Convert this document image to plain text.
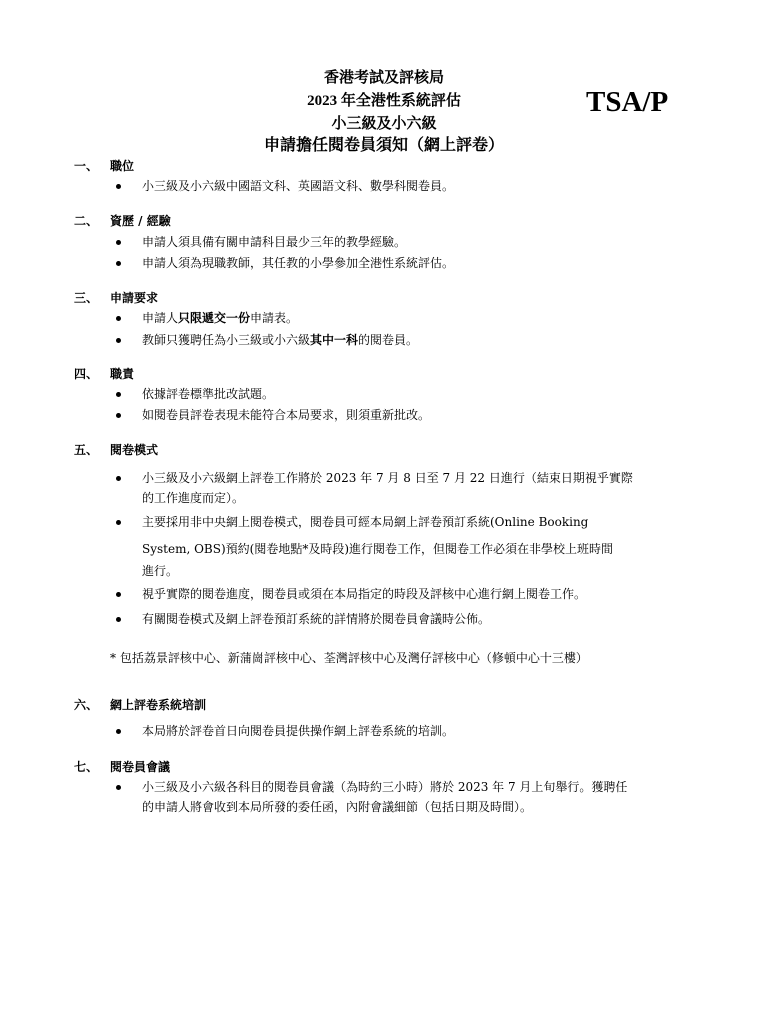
香港考試及評核局
2023 年全港性系統評估
小三級及小六級
申請擔任閱卷員須知（網上評卷）
TSA/P
一、 職位
小三級及小六級中國語文科、英國語文科、數學科閱卷員。
二、 資歷 / 經驗
申請人須具備有關申請科目最少三年的教學經驗。
申請人須為現職教師，其任教的小學參加全港性系統評估。
三、 申請要求
申請人只限遞交一份申請表。
教師只獲聘任為小三級或小六級其中一科的閱卷員。
四、 職責
依據評卷標準批改試題。
如閱卷員評卷表現未能符合本局要求，則須重新批改。
五、 閱卷模式
小三級及小六級網上評卷工作將於 2023 年 7 月 8 日至 7 月 22 日進行（結束日期視乎實際
的工作進度而定）。
主要採用非中央網上閱卷模式，閱卷員可經本局網上評卷預訂系統(Online Booking
System, OBS)預約(閱卷地點*及時段)進行閱卷工作，但閱卷工作必須在非學校上班時間
進行。
視乎實際的閱卷進度，閱卷員或須在本局指定的時段及評核中心進行網上閱卷工作。
有關閱卷模式及網上評卷預訂系統的詳情將於閱卷員會議時公佈。
* 包括荔景評核中心、新蒲崗評核中心、荃灣評核中心及灣仔評核中心（修頓中心十三樓）
六、 網上評卷系統培訓
本局將於評卷首日向閱卷員提供操作網上評卷系統的培訓。
七、 閱卷員會議
小三級及小六級各科目的閱卷員會議（為時約三小時）將於 2023 年 7 月上旬舉行。獲聘任
的申請人將會收到本局所發的委任函，內附會議細節（包括日期及時間）。
